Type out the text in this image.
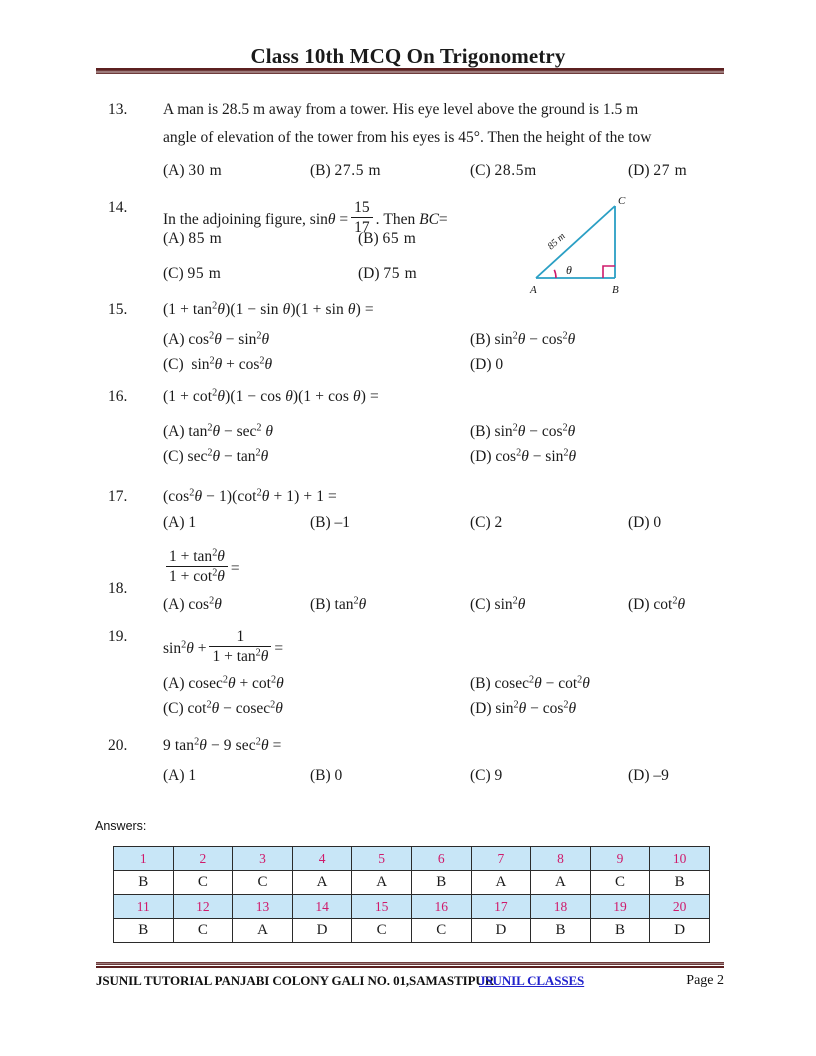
Class 10th MCQ On Trigonometry
13.	A man is 28.5 m away from a tower. His eye level above the ground is 1.5 m
angle of elevation of the tower from his eyes is 45°. Then the height of the tow
(A) 30 m	(B) 27.5 m	(C) 28.5m	(D) 27 m
14.
In the adjoining figure, $\sin\theta = \frac{15}{17}$ . Then BC=
(A) 85 m	(B) 65 m
(C) 95 m	(D) 75 m
A	B
C
θ
85 m
15.	$(1 + \tan^2\theta)(1 - \sin \theta)(1 + \sin \theta)$ =
(A) $\cos^2\theta - \sin^2\theta$	(B) $\sin^2\theta - \cos^2\theta$
(C) $\sin^2\theta + \cos^2\theta$	(D) 0
16.	$(1 + \cot^2\theta)(1 - \cos \theta)(1 + \cos \theta)$ =
(A) $\tan^2\theta - \sec^2 \theta$	(B) $\sin^2\theta - \cos^2\theta$
(C) $\sec^2\theta - \tan^2\theta$	(D) $\cos^2\theta - \sin^2\theta$
17.	$(\cos^2\theta - 1)(\cot^2\theta + 1) + 1$ =
(A) 1	(B) –1	(C) 2	(D) 0
18.
$\frac{1 + \tan^2\theta}{1 + \cot^2\theta}$ =
(A) $\cos^2\theta$	(B) $\tan^2\theta$	(C) $\sin^2\theta$	(D) $\cot^2\theta$
19.
$\sin^2\theta + \frac{1}{1 + \tan^2\theta}$ =
(A) $cosec^2\theta + \cot^2\theta$	(B) $cosec^2\theta - \cot^2\theta$
(C) $\cot^2\theta - cosec^2\theta$	(D) $\sin^2\theta - \cos^2\theta$
20.	9 $\tan^2\theta - 9$ $\sec^2\theta$ =
(A) 1	(B) 0	(C) 9	(D) –9
Answers:
1	2	3	4	5	6	7	8	9	10
B	C	C	A	A	B	A	A	C	B
11	12	13	14	15	16	17	18	19	20
B	C	A	D	C	C	D	B	B	D
JSUNIL TUTORIAL PANJABI COLONY GALI NO. 01,SAMASTIPUR
JSUNIL CLASSES	Page 2
